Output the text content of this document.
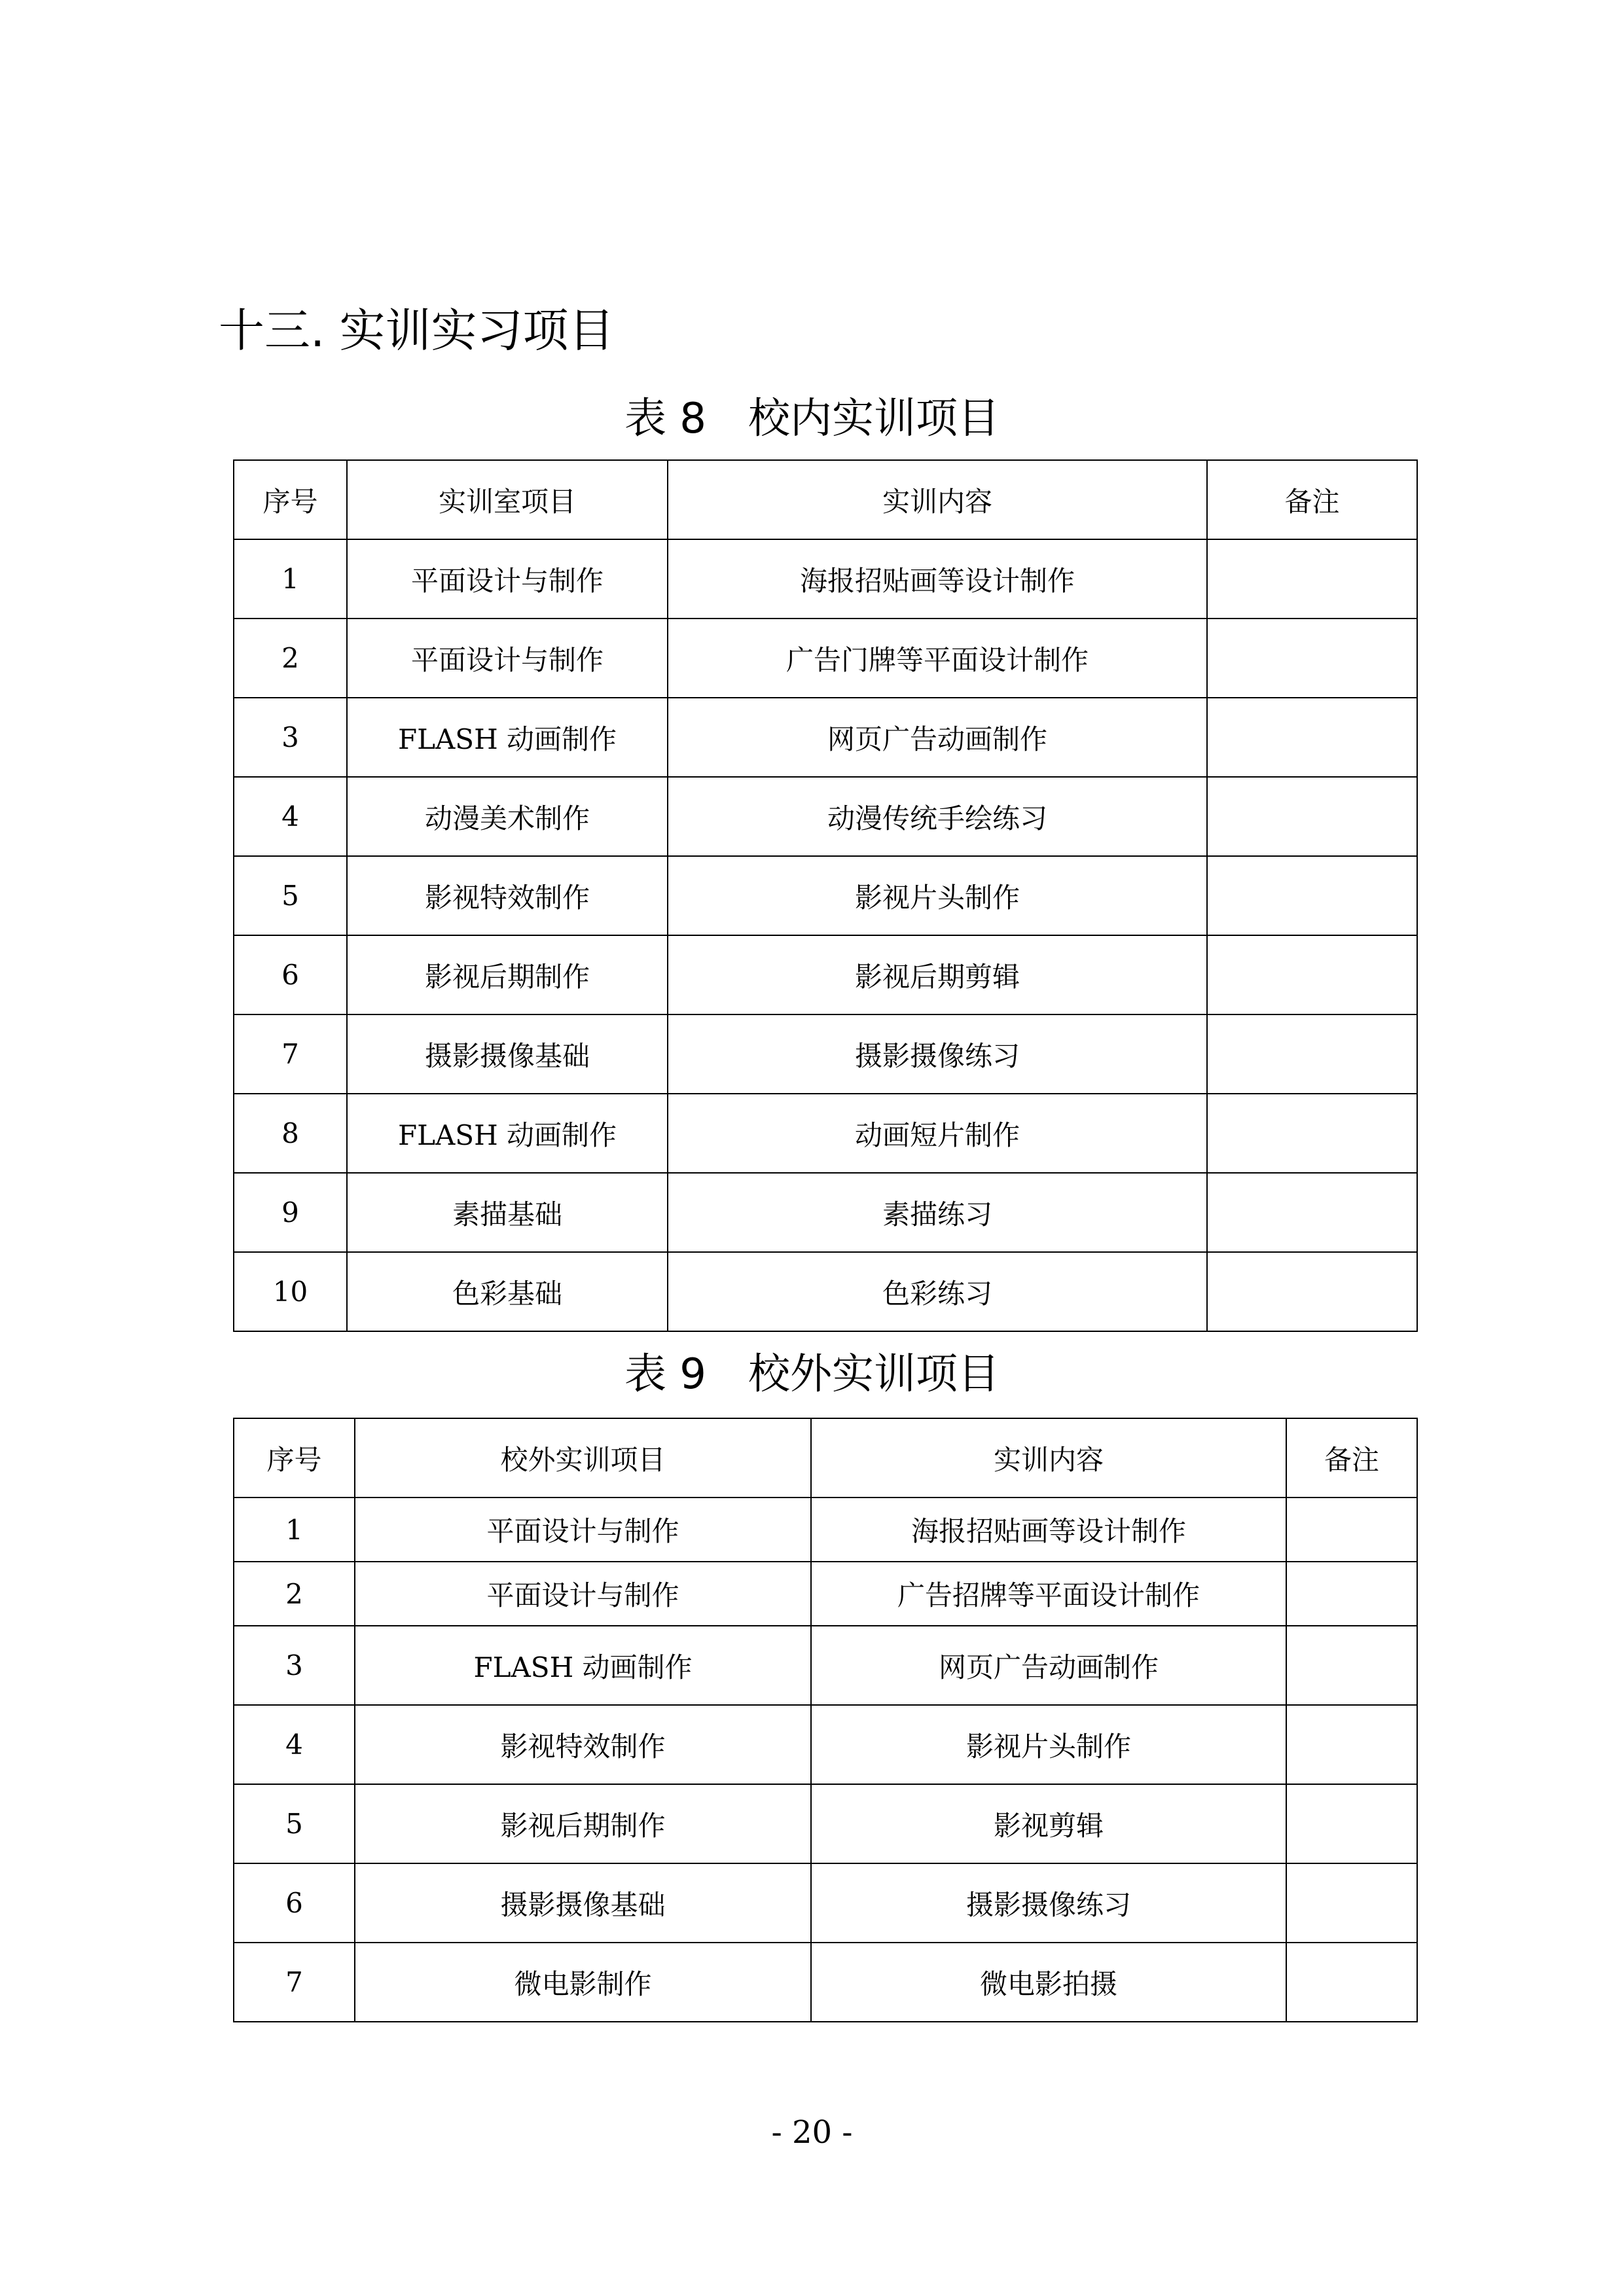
十三. 实训实习项目
表 8　校内实训项目
序号	实训室项目	实训内容	备注
1	平面设计与制作	海报招贴画等设计制作	
2	平面设计与制作	广告门牌等平面设计制作	
3	FLASH 动画制作	网页广告动画制作	
4	动漫美术制作	动漫传统手绘练习	
5	影视特效制作	影视片头制作	
6	影视后期制作	影视后期剪辑	
7	摄影摄像基础	摄影摄像练习	
8	FLASH 动画制作	动画短片制作	
9	素描基础	素描练习	
10	色彩基础	色彩练习	
表 9　校外实训项目
序号	校外实训项目	实训内容	备注
1	平面设计与制作	海报招贴画等设计制作	
2	平面设计与制作	广告招牌等平面设计制作	
3	FLASH 动画制作	网页广告动画制作	
4	影视特效制作	影视片头制作	
5	影视后期制作	影视剪辑	
6	摄影摄像基础	摄影摄像练习	
7	微电影制作	微电影拍摄	

- 20 -
